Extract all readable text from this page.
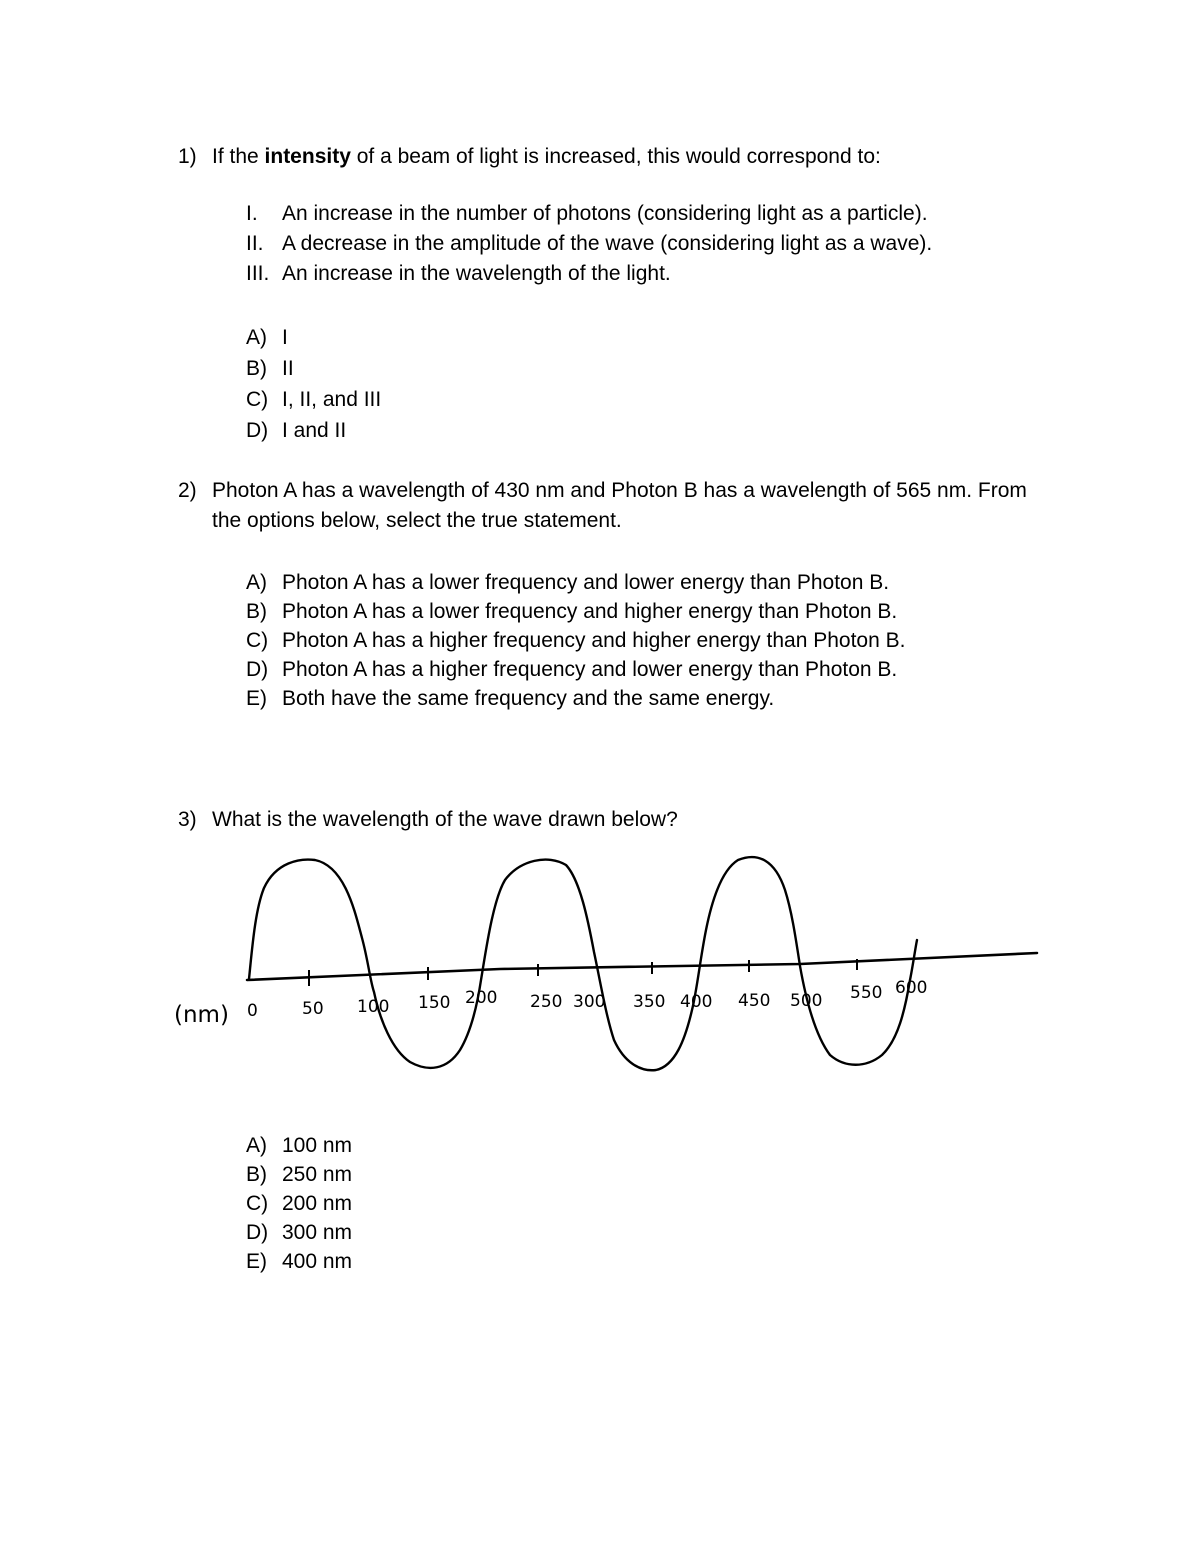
1) If the intensity of a beam of light is increased, this would correspond to:
I.	An increase in the number of photons (considering light as a particle).
II. A decrease in the amplitude of the wave (considering light as a wave).
III. An increase in the wavelength of the light.
A) I
B) II
C) I, II, and III
D) I and II
2) Photon A has a wavelength of 430 nm and Photon B has a wavelength of 565 nm. From the options below, select the true statement.
A) Photon A has a lower frequency and lower energy than Photon B.
B) Photon A has a lower frequency and higher energy than Photon B.
C) Photon A has a higher frequency and higher energy than Photon B.
D) Photon A has a higher frequency and lower energy than Photon B.
E) Both have the same frequency and the same energy.
3) What is the wavelength of the wave drawn below?
(nm) 0	50 100 150 200 250 300 350 400 450 500 550 600
A) 100 nm
B) 250 nm
C) 200 nm
D) 300 nm
E) 400 nm
